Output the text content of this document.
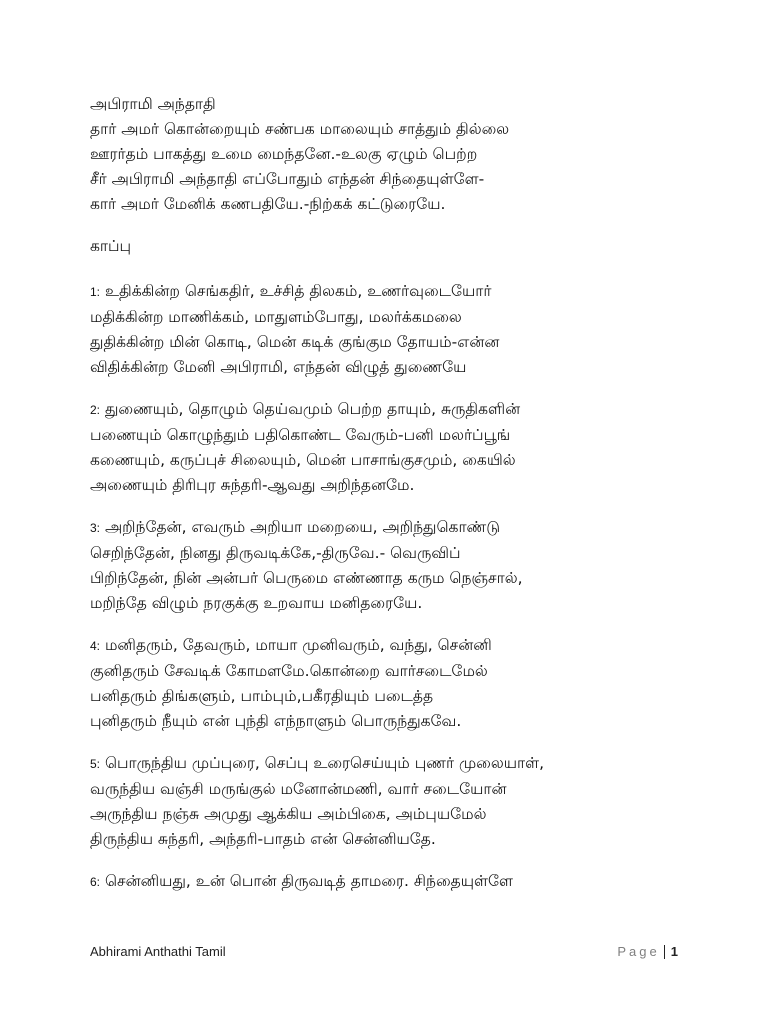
அபிராமி அந்தாதி

தார் அமர் கொன்றையும் சண்பக மாலையும் சாத்தும் தில்லை

ஊரர்தம் பாகத்து உமை மைந்தனே.-உலகு ஏழும் பெற்ற

சீர் அபிராமி அந்தாதி எப்போதும் எந்தன் சிந்தையுள்ளே-

கார் அமர் மேனிக் கணபதியே.-நிற்கக் கட்டுரையே.

காப்பு

1: உதிக்கின்ற செங்கதிர், உச்சித் திலகம், உணர்வுடையோர்

மதிக்கின்ற மாணிக்கம், மாதுளம்போது, மலர்க்கமலை

துதிக்கின்ற மின் கொடி, மென் கடிக் குங்கும தோயம்-என்ன

விதிக்கின்ற மேனி அபிராமி, எந்தன் விழுத் துணையே

2: துணையும், தொழும் தெய்வமும் பெற்ற தாயும், சுருதிகளின்

பணையும் கொழுந்தும் பதிகொண்ட வேரும்-பனி மலர்ப்பூங்

கணையும், கருப்புச் சிலையும், மென் பாசாங்குசமும், கையில்

அணையும் திரிபுர சுந்தரி-ஆவது அறிந்தனமே.

3: அறிந்தேன், எவரும் அறியா மறையை, அறிந்துகொண்டு

செறிந்தேன், நினது திருவடிக்கே,-திருவே.- வெருவிப்

பிறிந்தேன், நின் அன்பர் பெருமை எண்ணாத கரும நெஞ்சால்,

மறிந்தே விழும் நரகுக்கு உறவாய மனிதரையே.

4: மனிதரும், தேவரும், மாயா முனிவரும், வந்து, சென்னி

குனிதரும் சேவடிக் கோமளமே.கொன்றை வார்சடைமேல்

பனிதரும் திங்களும், பாம்பும்,பகீரதியும் படைத்த

புனிதரும் நீயும் என் புந்தி எந்நாளும் பொருந்துகவே.

5: பொருந்திய முப்புரை, செப்பு உரைசெய்யும் புணர் முலையாள்,

வருந்திய வஞ்சி மருங்குல் மனோன்மணி, வார் சடையோன்

அருந்திய நஞ்சு அமுது ஆக்கிய அம்பிகை, அம்புயமேல்

திருந்திய சுந்தரி, அந்தரி-பாதம் என் சென்னியதே.

6: சென்னியது, உன் பொன் திருவடித் தாமரை. சிந்தையுள்ளே

Abhirami Anthathi Tamil	Page 1
